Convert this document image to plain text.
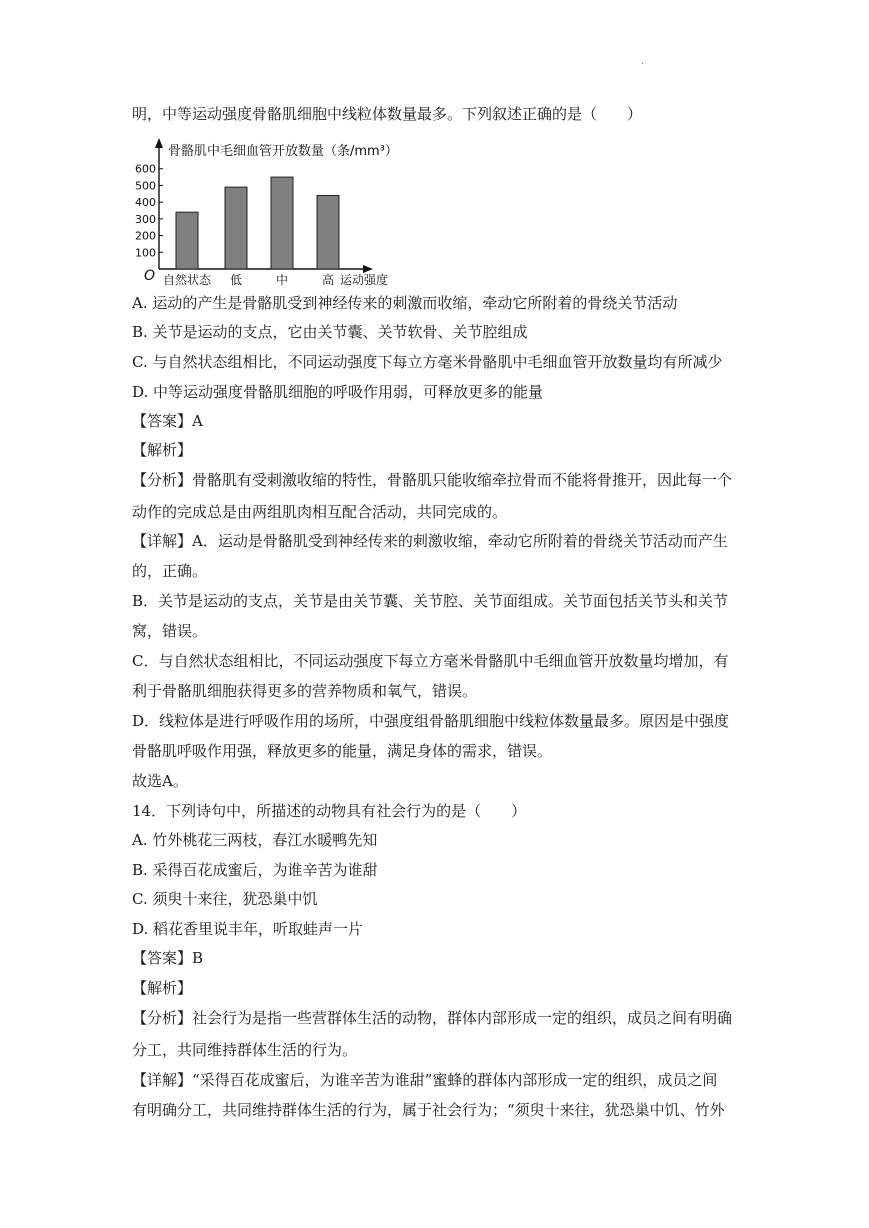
.
骨骼肌中毛细血管开放数量（条/mm³）
100
200
300
400
500
600
O 自然状态 低	中	高 运动强度
明，中等运动强度骨骼肌细胞中线粒体数量最多。下列叙述正确的是（　　）
A. 运动的产生是骨骼肌受到神经传来的刺激而收缩，牵动它所附着的骨绕关节活动
B. 关节是运动的支点，它由关节囊、关节软骨、关节腔组成
C. 与自然状态组相比，不同运动强度下每立方毫米骨骼肌中毛细血管开放数量均有所减少
D. 中等运动强度骨骼肌细胞的呼吸作用弱，可释放更多的能量
【答案】A
【解析】
【分析】骨骼肌有受刺激收缩的特性，骨骼肌只能收缩牵拉骨而不能将骨推开，因此每一个
动作的完成总是由两组肌肉相互配合活动，共同完成的。
【详解】A．运动是骨骼肌受到神经传来的刺激收缩，牵动它所附着的骨绕关节活动而产生
的，正确。
B．关节是运动的支点，关节是由关节囊、关节腔、关节面组成。关节面包括关节头和关节
窝，错误。
C．与自然状态组相比，不同运动强度下每立方毫米骨骼肌中毛细血管开放数量均增加，有
利于骨骼肌细胞获得更多的营养物质和氧气，错误。
D．线粒体是进行呼吸作用的场所，中强度组骨骼肌细胞中线粒体数量最多。原因是中强度
骨骼肌呼吸作用强，释放更多的能量，满足身体的需求，错误。
故选A。
14．下列诗句中，所描述的动物具有社会行为的是（　　）
A. 竹外桃花三两枝，春江水暖鸭先知
B. 采得百花成蜜后，为谁辛苦为谁甜
C. 须臾十来往，犹恐巢中饥
D. 稻花香里说丰年，听取蛙声一片
【答案】B
【解析】
【分析】社会行为是指一些营群体生活的动物，群体内部形成一定的组织，成员之间有明确
分工，共同维持群体生活的行为。
【详解】“采得百花成蜜后，为谁辛苦为谁甜”蜜蜂的群体内部形成一定的组织，成员之间
有明确分工，共同维持群体生活的行为，属于社会行为；“须臾十来往，犹恐巢中饥、竹外
